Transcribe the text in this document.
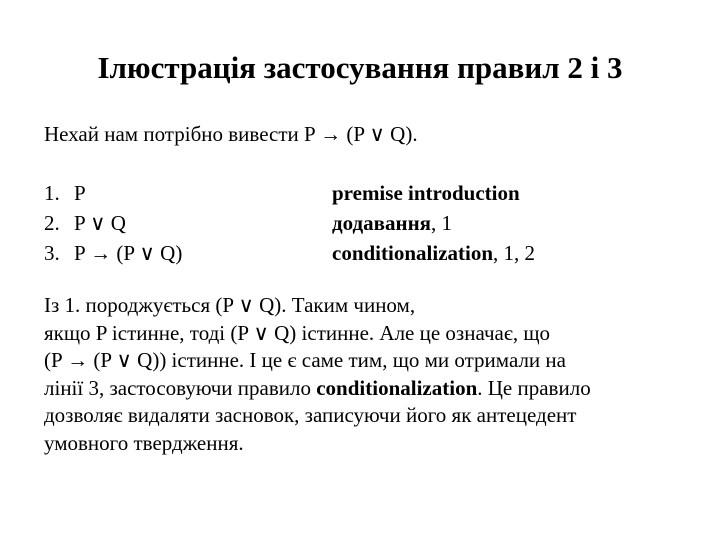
Ілюстрація застосування правил 2 і 3
Нехай нам потрібно вивести P → (P ∨ Q).
1. P	premise introduction
2. P ∨ Q	додавання, 1
3. P → (P ∨ Q)	conditionalization, 1, 2
Із 1. породжується (P ∨ Q). Таким чином,
якщо P істинне, тоді (P ∨ Q) істинне. Але це означає, що
(P → (P ∨ Q)) істинне. І це є саме тим, що ми отримали на
лінії 3, застосовуючи правило conditionalization. Це правило
дозволяє видаляти засновок, записуючи його як антецедент
умовного твердження.
